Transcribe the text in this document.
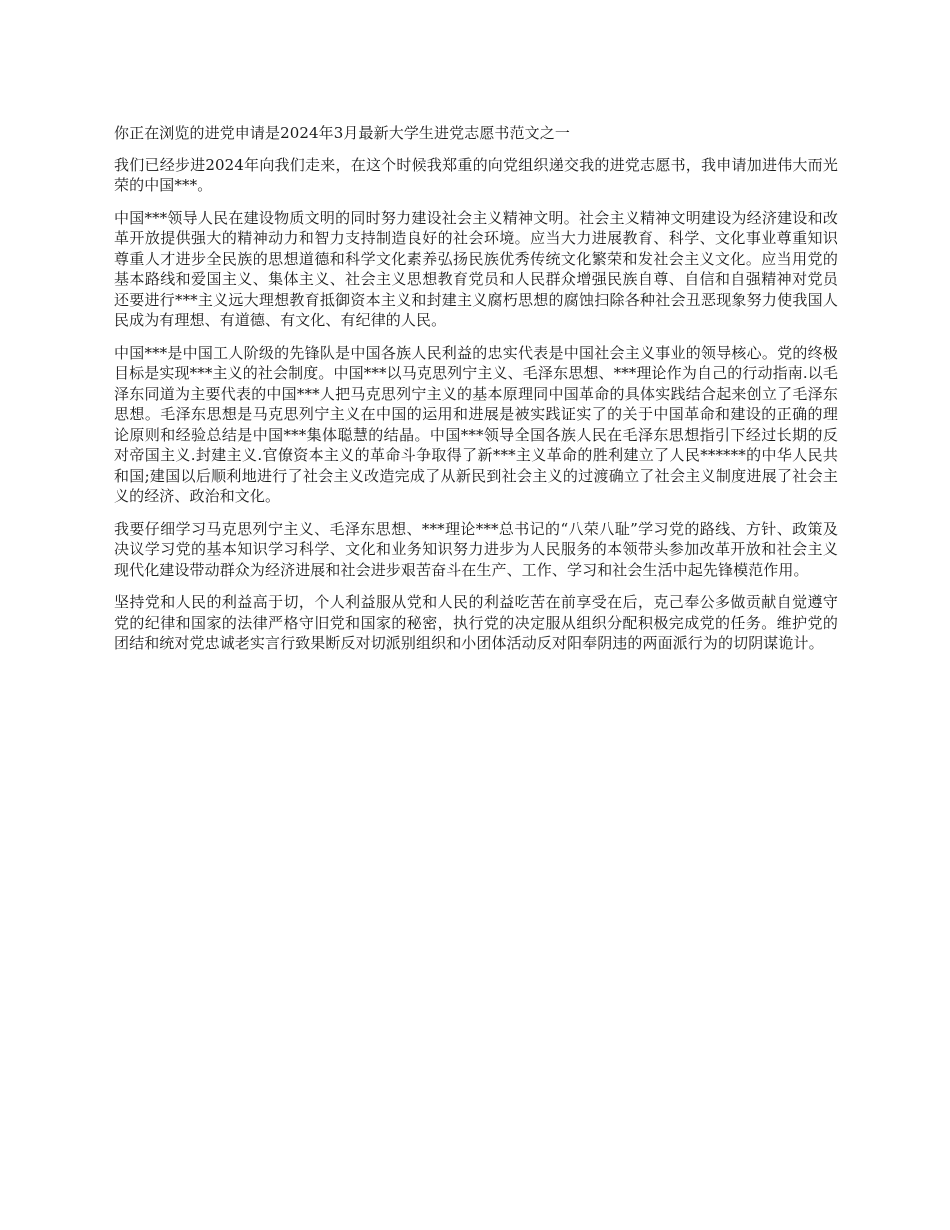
你正在浏览的进党申请是2024年3月最新大学生进党志愿书范文之一

我们已经步进2024年向我们走来，在这个时候我郑重的向党组织递交我的进党志愿书，我申请加进伟大而光荣的中国***。

中国***领导人民在建设物质文明的同时努力建设社会主义精神文明。社会主义精神文明建设为经济建设和改革开放提供强大的精神动力和智力支持制造良好的社会环境。应当大力进展教育、科学、文化事业尊重知识尊重人才进步全民族的思想道德和科学文化素养弘扬民族优秀传统文化繁荣和发社会主义文化。应当用党的基本路线和爱国主义、集体主义、社会主义思想教育党员和人民群众增强民族自尊、自信和自强精神对党员还要进行***主义远大理想教育抵御资本主义和封建主义腐朽思想的腐蚀扫除各种社会丑恶现象努力使我国人民成为有理想、有道德、有文化、有纪律的人民。

中国***是中国工人阶级的先锋队是中国各族人民利益的忠实代表是中国社会主义事业的领导核心。党的终极目标是实现***主义的社会制度。中国***以马克思列宁主义、毛泽东思想、***理论作为自己的行动指南.以毛泽东同道为主要代表的中国***人把马克思列宁主义的基本原理同中国革命的具体实践结合起来创立了毛泽东思想。毛泽东思想是马克思列宁主义在中国的运用和进展是被实践证实了的关于中国革命和建设的正确的理论原则和经验总结是中国***集体聪慧的结晶。中国***领导全国各族人民在毛泽东思想指引下经过长期的反对帝国主义.封建主义.官僚资本主义的革命斗争取得了新***主义革命的胜利建立了人民******的中华人民共和国;建国以后顺利地进行了社会主义改造完成了从新民到社会主义的过渡确立了社会主义制度进展了社会主义的经济、政治和文化。

我要仔细学习马克思列宁主义、毛泽东思想、***理论***总书记的“八荣八耻”学习党的路线、方针、政策及决议学习党的基本知识学习科学、文化和业务知识努力进步为人民服务的本领带头参加改革开放和社会主义现代化建设带动群众为经济进展和社会进步艰苦奋斗在生产、工作、学习和社会生活中起先锋模范作用。

坚持党和人民的利益高于切，个人利益服从党和人民的利益吃苦在前享受在后，克己奉公多做贡献自觉遵守党的纪律和国家的法律严格守旧党和国家的秘密，执行党的决定服从组织分配积极完成党的任务。维护党的团结和统对党忠诚老实言行致果断反对切派别组织和小团体活动反对阳奉阴违的两面派行为的切阴谋诡计。
